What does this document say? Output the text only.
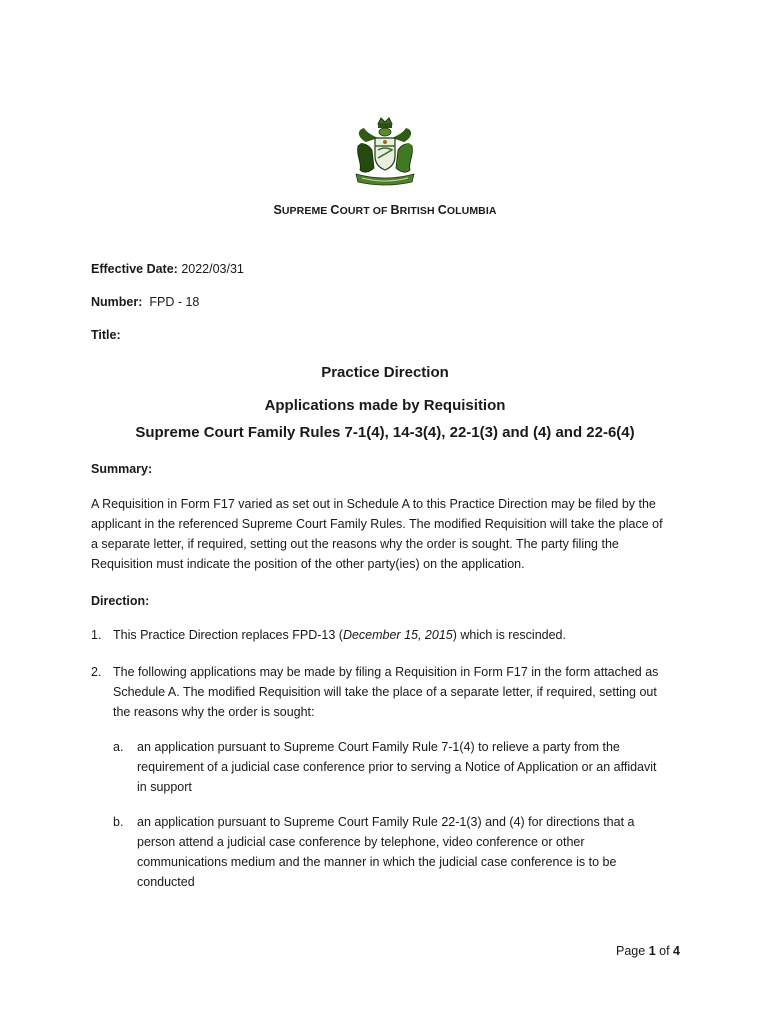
SUPREME COURT OF BRITISH COLUMBIA
Effective Date: 2022/03/31
Number: FPD - 18
Title:
Practice Direction
Applications made by Requisition
Supreme Court Family Rules 7-1(4), 14-3(4), 22-1(3) and (4) and 22-6(4)
Summary:
A Requisition in Form F17 varied as set out in Schedule A to this Practice Direction may be filed by the
applicant in the referenced Supreme Court Family Rules. The modified Requisition will take the place of
a separate letter, if required, setting out the reasons why the order is sought. The party filing the
Requisition must indicate the position of the other party(ies) on the application.
Direction:
1. This Practice Direction replaces FPD-13 (December 15, 2015) which is rescinded.
2. The following applications may be made by filing a Requisition in Form F17 in the form attached as
Schedule A. The modified Requisition will take the place of a separate letter, if required, setting out
the reasons why the order is sought:
a. an application pursuant to Supreme Court Family Rule 7-1(4) to relieve a party from the
requirement of a judicial case conference prior to serving a Notice of Application or an affidavit
in support
b. an application pursuant to Supreme Court Family Rule 22-1(3) and (4) for directions that a
person attend a judicial case conference by telephone, video conference or other
communications medium and the manner in which the judicial case conference is to be
conducted
Page 1 of 4
